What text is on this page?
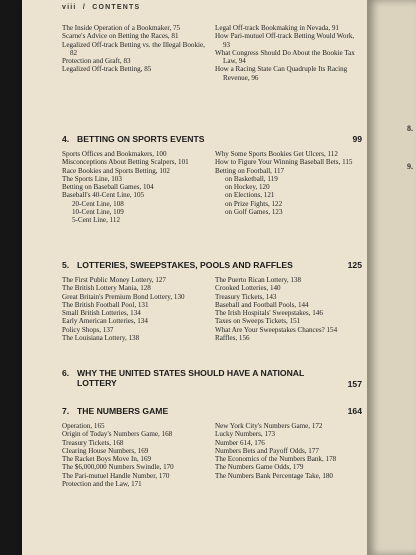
viii / CONTENTS
The Inside Operation of a Bookmaker, 75
Scarne's Advice on Betting the Races, 81
Legalized Off-track Betting vs. the Illegal Bookie, 82
Protection and Graft, 83
Legalized Off-track Betting, 85
Legal Off-track Bookmaking in Nevada, 91
How Pari-mutuel Off-track Betting Would Work, 93
What Congress Should Do About the Bookie Tax Law, 94
How a Racing State Can Quadruple Its Racing Revenue, 96
4. BETTING ON SPORTS EVENTS	99
Sports Offices and Bookmakers, 100
Misconceptions About Betting Scalpers, 101
Race Bookies and Sports Betting, 102
The Sports Line, 103
Betting on Baseball Games, 104
Baseball's 40-Cent Line, 105
20-Cent Line, 108
10-Cent Line, 109
5-Cent Line, 112
Why Some Sports Bookies Get Ulcers, 112
How to Figure Your Winning Baseball Bets, 115
Betting on Football, 117
on Basketball, 119
on Hockey, 120
on Elections, 121
on Prize Fights, 122
on Golf Games, 123
5. LOTTERIES, SWEEPSTAKES, POOLS AND RAFFLES	125
The First Public Money Lottery, 127
The British Lottery Mania, 128
Great Britain's Premium Bond Lottery, 130
The British Football Pool, 131
Small British Lotteries, 134
Early American Lotteries, 134
Policy Shops, 137
The Louisiana Lottery, 138
The Puerto Rican Lottery, 138
Crooked Lotteries, 140
Treasury Tickets, 143
Baseball and Football Pools, 144
The Irish Hospitals' Sweepstakes, 146
Taxes on Sweeps Tickets, 151
What Are Your Sweepstakes Chances? 154
Raffles, 156
6. WHY THE UNITED STATES SHOULD HAVE A NATIONAL LOTTERY	157
7. THE NUMBERS GAME	164
Operation, 165
Origin of Today's Numbers Game, 168
Treasury Tickets, 168
Clearing House Numbers, 169
The Racket Boys Move In, 169
The $6,000,000 Numbers Swindle, 170
The Pari-mutuel Handle Number, 170
Protection and the Law, 171
New York City's Numbers Game, 172
Lucky Numbers, 173
Number 614, 176
Numbers Bets and Payoff Odds, 177
The Economics of the Numbers Bank, 178
The Numbers Game Odds, 179
The Numbers Bank Percentage Take, 180
8.
9.
